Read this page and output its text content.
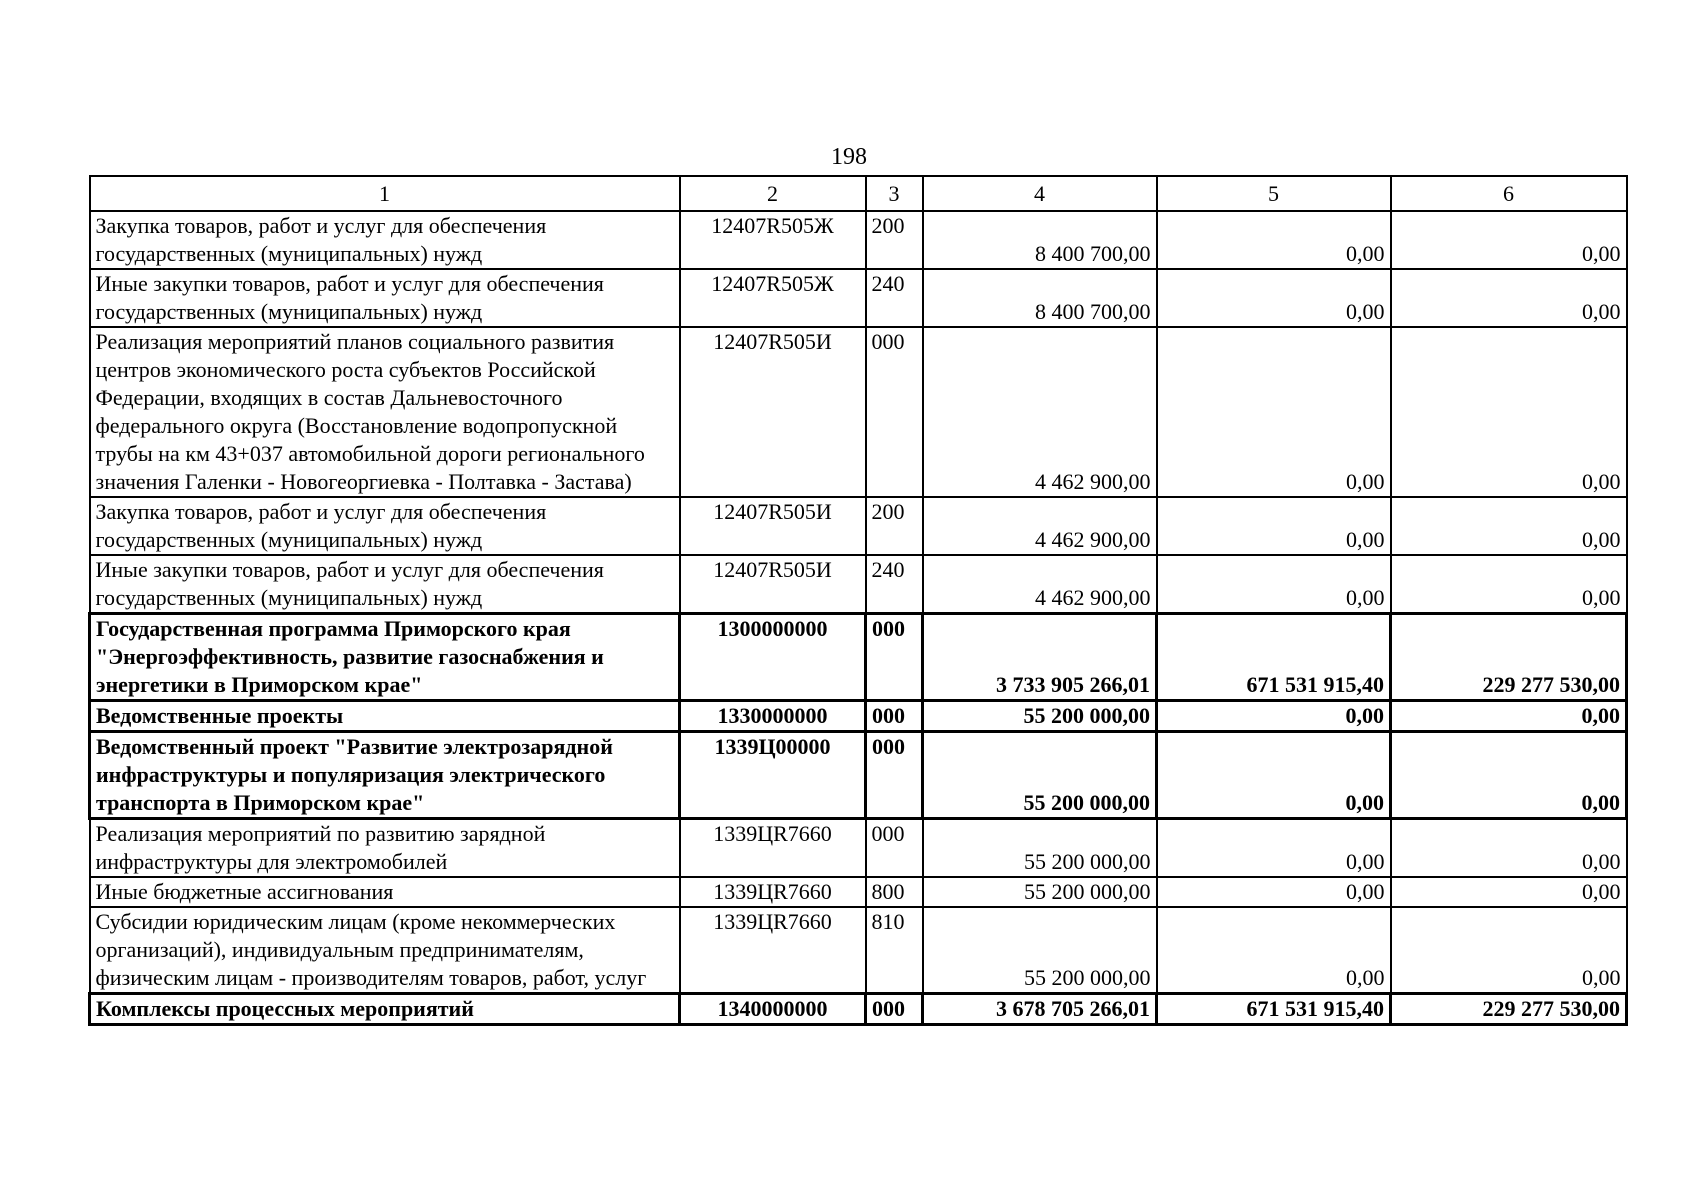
198
1	2	3	4	5	6
Закупка товаров, работ и услуг для обеспечения государственных (муниципальных) нужд	12407R505Ж	200	8 400 700,00	0,00	0,00
Иные закупки товаров, работ и услуг для обеспечения государственных (муниципальных) нужд	12407R505Ж	240	8 400 700,00	0,00	0,00
Реализация мероприятий планов социального развития центров экономического роста субъектов Российской Федерации, входящих в состав Дальневосточного федерального округа (Восстановление водопропускной трубы на км 43+037 автомобильной дороги регионального значения Галенки - Новогеоргиевка - Полтавка - Застава)	12407R505И	000	4 462 900,00	0,00	0,00
Закупка товаров, работ и услуг для обеспечения государственных (муниципальных) нужд	12407R505И	200	4 462 900,00	0,00	0,00
Иные закупки товаров, работ и услуг для обеспечения государственных (муниципальных) нужд	12407R505И	240	4 462 900,00	0,00	0,00
Государственная программа Приморского края "Энергоэффективность, развитие газоснабжения и энергетики в Приморском крае"	1300000000	000	3 733 905 266,01	671 531 915,40	229 277 530,00
Ведомственные проекты	1330000000	000	55 200 000,00	0,00	0,00
Ведомственный проект "Развитие электрозарядной инфраструктуры и популяризация электрического транспорта в Приморском крае"	1339Ц00000	000	55 200 000,00	0,00	0,00
Реализация мероприятий по развитию зарядной инфраструктуры для электромобилей	1339ЦR7660	000	55 200 000,00	0,00	0,00
Иные бюджетные ассигнования	1339ЦR7660	800	55 200 000,00	0,00	0,00
Субсидии юридическим лицам (кроме некоммерческих организаций), индивидуальным предпринимателям, физическим лицам - производителям товаров, работ, услуг	1339ЦR7660	810	55 200 000,00	0,00	0,00
Комплексы процессных мероприятий	1340000000	000	3 678 705 266,01	671 531 915,40	229 277 530,00
